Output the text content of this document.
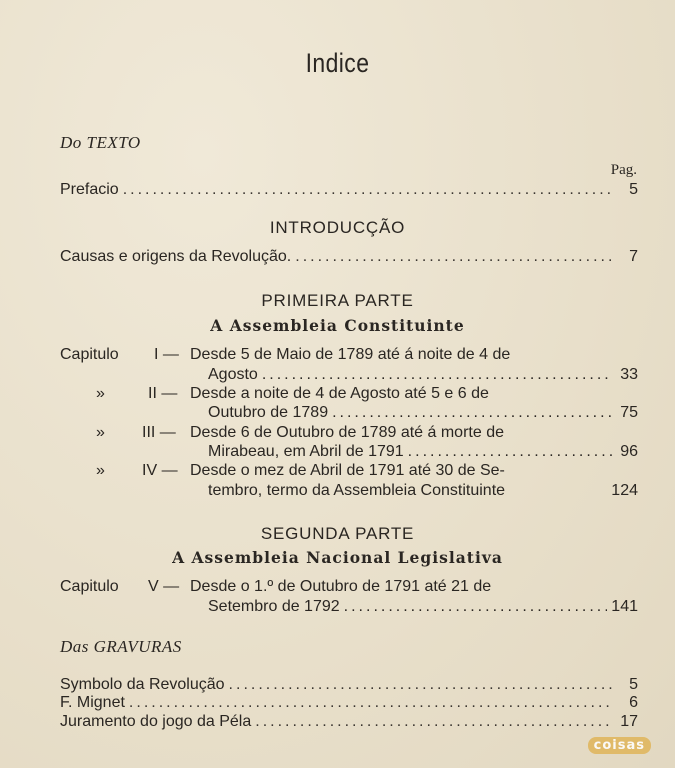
Indice
Do TEXTO
Pag.
Prefacio .....	5
INTRODUCÇÃO
Causas e origens da Revolução. .....	7
PRIMEIRA PARTE
A Assembleia Constituinte
Capitulo I — Desde 5 de Maio de 1789 até á noite de 4 de
Agosto .....	33
»	II — Desde a noite de 4 de Agosto até 5 e 6 de
Outubro de 1789 .....	75
» III — Desde 6 de Outubro de 1789 até á morte de
Mirabeau, em Abril de 1791 .....	96
» IV — Desde o mez de Abril de 1791 até 30 de Se-
tembro, termo da Assembleia Constituinte	124
SEGUNDA PARTE
A Assembleia Nacional Legislativa
Capitulo V — Desde o 1.º de Outubro de 1791 até 21 de
Setembro de 1792 .....	141
Das GRAVURAS
Symbolo da Revolução .....	5
F. Mignet .....	6
Juramento do jogo da Péla .....	17
coisas
